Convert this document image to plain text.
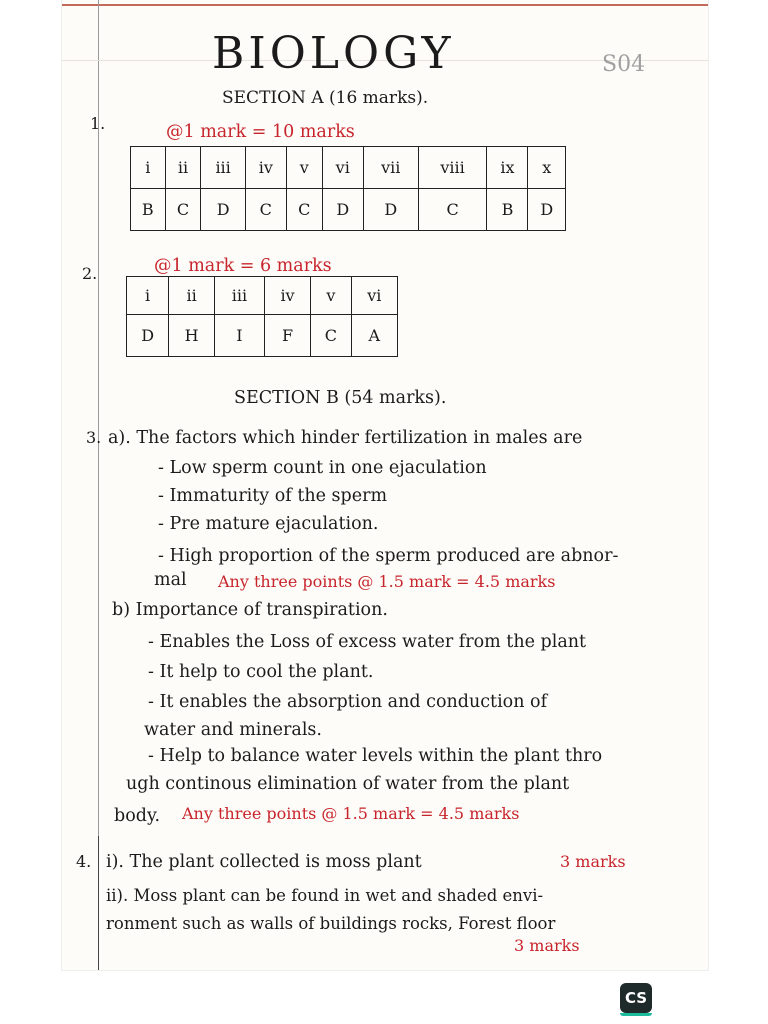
BIOLOGY	S04
SECTION A (16 marks).
1.	@1 mark = 10 marks
i	ii	iii	iv	v	vi	vii	viii	ix	x
B	C	D	C	C	D	D	C	B	D
2.	@1 mark = 6 marks
i	ii	iii	iv	v	vi
D	H	I	F	C	A
SECTION B (54 marks).
3. a). The factors which hinder fertilization in males are
- Low sperm count in one ejaculation
- Immaturity of the sperm
- Pre mature ejaculation.
- High proportion of the sperm produced are abnor-
mal Any three points @ 1.5 mark = 4.5 marks
b) Importance of transpiration.
- Enables the Loss of excess water from the plant
- It help to cool the plant.
- It enables the absorption and conduction of
water and minerals.
- Help to balance water levels within the plant thro
ugh continous elimination of water from the plant
body. Any three points @ 1.5 mark = 4.5 marks
4. i). The plant collected is moss plant	3 marks
ii). Moss plant can be found in wet and shaded envi-
ronment such as walls of buildings rocks, Forest floor
3 marks
CS
